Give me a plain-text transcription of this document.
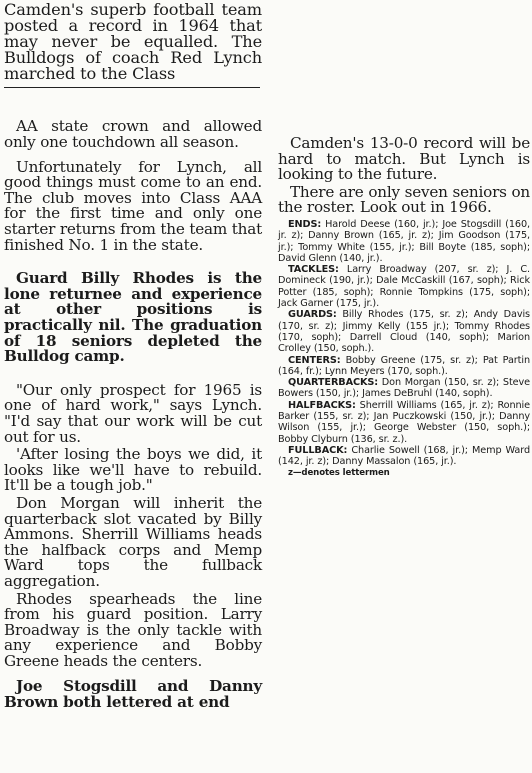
Camden's superb football team posted a record in 1964 that may never be equalled. The Bulldogs of coach Red Lynch marched to the Class

AA state crown and allowed only one touchdown all season.

Unfortunately for Lynch, all good things must come to an end. The club moves into Class AAA for the first time and only one starter returns from the team that finished No. 1 in the state.

Guard Billy Rhodes is the lone returnee and experience at other positions is practically nil. The graduation of 18 seniors depleted the Bulldog camp.

"Our only prospect for 1965 is one of hard work," says Lynch. "I'd say that our work will be cut out for us.

'After losing the boys we did, it looks like we'll have to rebuild. It'll be a tough job."

Don Morgan will inherit the quarterback slot vacated by Billy Ammons. Sherrill Williams heads the halfback corps and Memp Ward tops the fullback aggregation.

Rhodes spearheads the line from his guard position. Larry Broadway is the only tackle with any experience and Bobby Greene heads the centers.

Joe Stogsdill and Danny Brown both lettered at end

Camden's 13-0-0 record will be hard to match. But Lynch is looking to the future.

There are only seven seniors on the roster. Look out in 1966.

ENDS: Harold Deese (160, jr.); Joe Stogsdill (160, jr. z); Danny Brown (165, jr. z); Jim Goodson (175, jr.); Tommy White (155, jr.); Bill Boyte (185, soph); David Glenn (140, jr.).

TACKLES: Larry Broadway (207, sr. z); J. C. Domineck (190, jr.); Dale McCaskill (167, soph); Rick Potter (185, soph); Ronnie Tompkins (175, soph); Jack Garner (175, jr.).

GUARDS: Billy Rhodes (175, sr. z); Andy Davis (170, sr. z); Jimmy Kelly (155 jr.); Tommy Rhodes (170, soph); Darrell Cloud (140, soph); Marion Crolley (150, soph.).

CENTERS: Bobby Greene (175, sr. z); Pat Partin (164, fr.); Lynn Meyers (170, soph.).

QUARTERBACKS: Don Morgan (150, sr. z); Steve Bowers (150, jr.); James DeBruhl (140, soph).

HALFBACKS: Sherrill Williams (165, jr. z); Ronnie Barker (155, sr. z); Jan Puczkowski (150, jr.); Danny Wilson (155, jr.); George Webster (150, soph.); Bobby Clyburn (136, sr. z.).

FULLBACK: Charlie Sowell (168, jr.); Memp Ward (142, jr. z); Danny Massalon (165, jr.).

z—denotes lettermen
